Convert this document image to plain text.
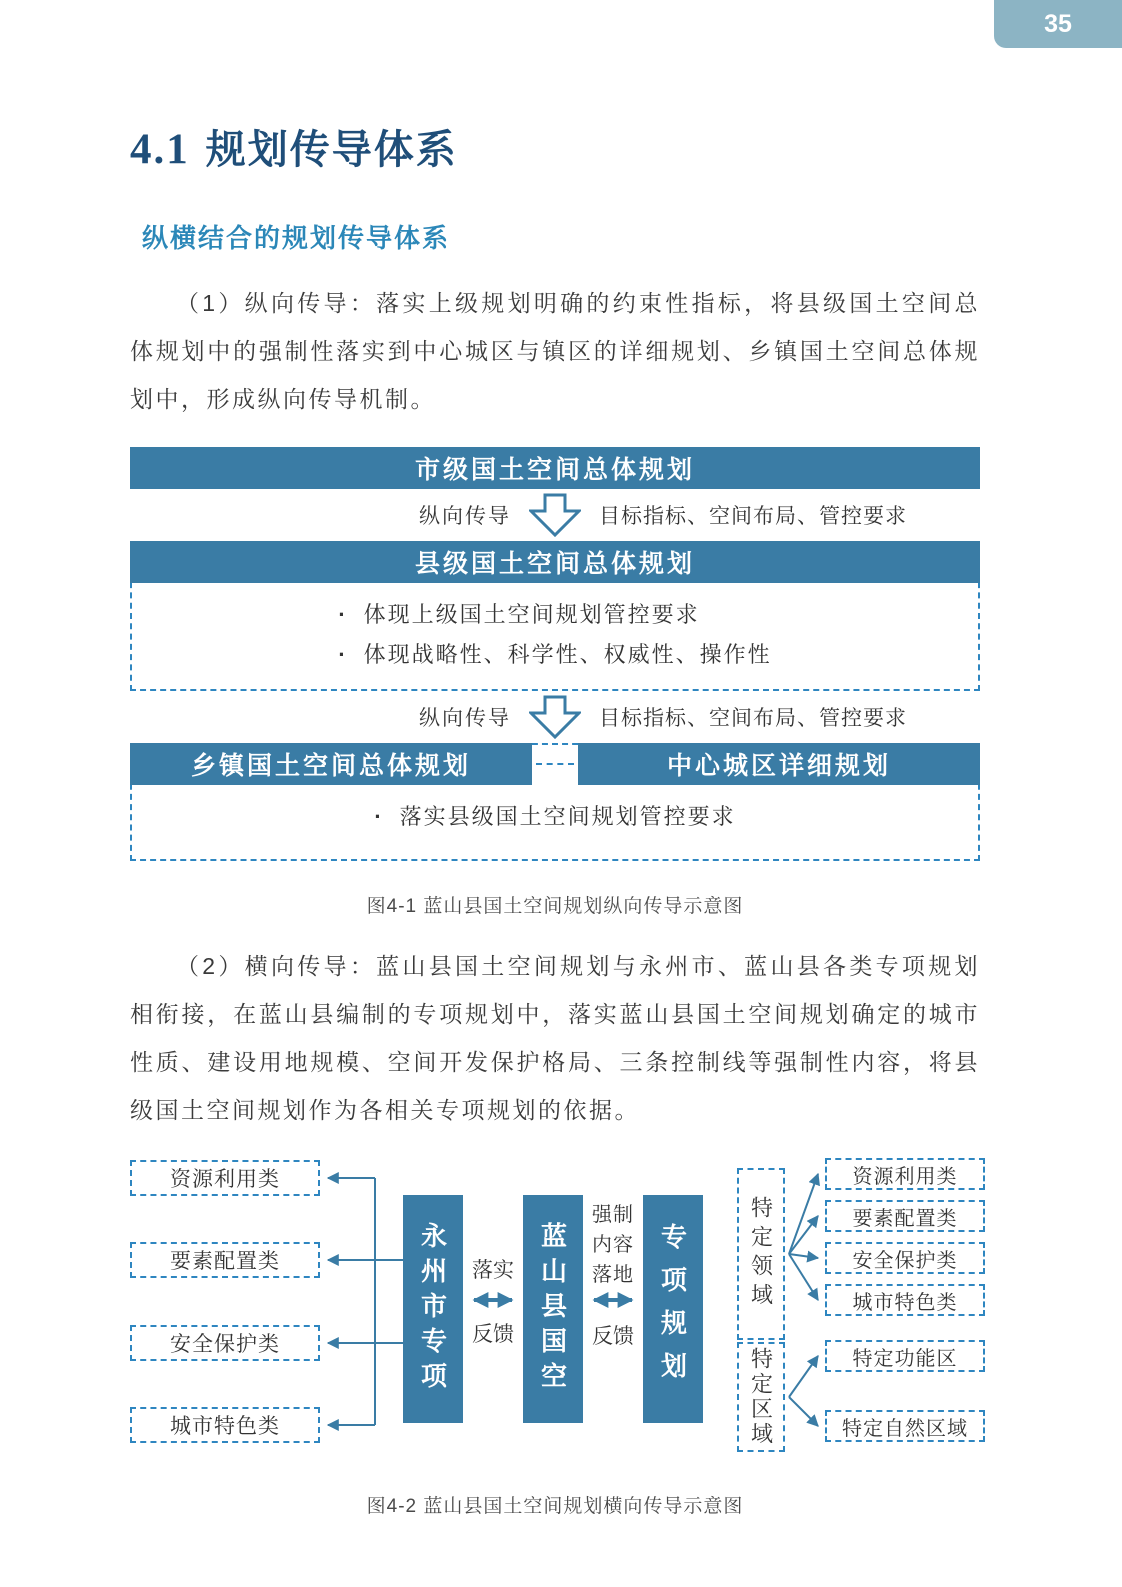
35
4.1 规划传导体系
纵横结合的规划传导体系

（1）纵向传导：落实上级规划明确的约束性指标，将县级国土空间总体规划中的强制性落实到中心城区与镇区的详细规划、乡镇国土空间总体规划中，形成纵向传导机制。

市级国土空间总体规划
纵向传导	目标指标、空间布局、管控要求
县级国土空间总体规划
· 体现上级国土空间规划管控要求
· 体现战略性、科学性、权威性、操作性
纵向传导	目标指标、空间布局、管控要求
乡镇国土空间总体规划	中心城区详细规划
· 落实县级国土空间规划管控要求
图4-1 蓝山县国土空间规划纵向传导示意图

（2）横向传导：蓝山县国土空间规划与永州市、蓝山县各类专项规划相衔接，在蓝山县编制的专项规划中，落实蓝山县国土空间规划确定的城市性质、建设用地规模、空间开发保护格局、三条控制线等强制性内容，将县级国土空间规划作为各相关专项规划的依据。

资源利用类
要素配置类
安全保护类
城市特色类
永州市专项	蓝山县国空	专项规划
落实
反馈
强制内容落地
反馈
特定领域
特定区域
资源利用类
要素配置类
安全保护类
城市特色类
特定功能区
特定自然区域
图4-2 蓝山县国土空间规划横向传导示意图
